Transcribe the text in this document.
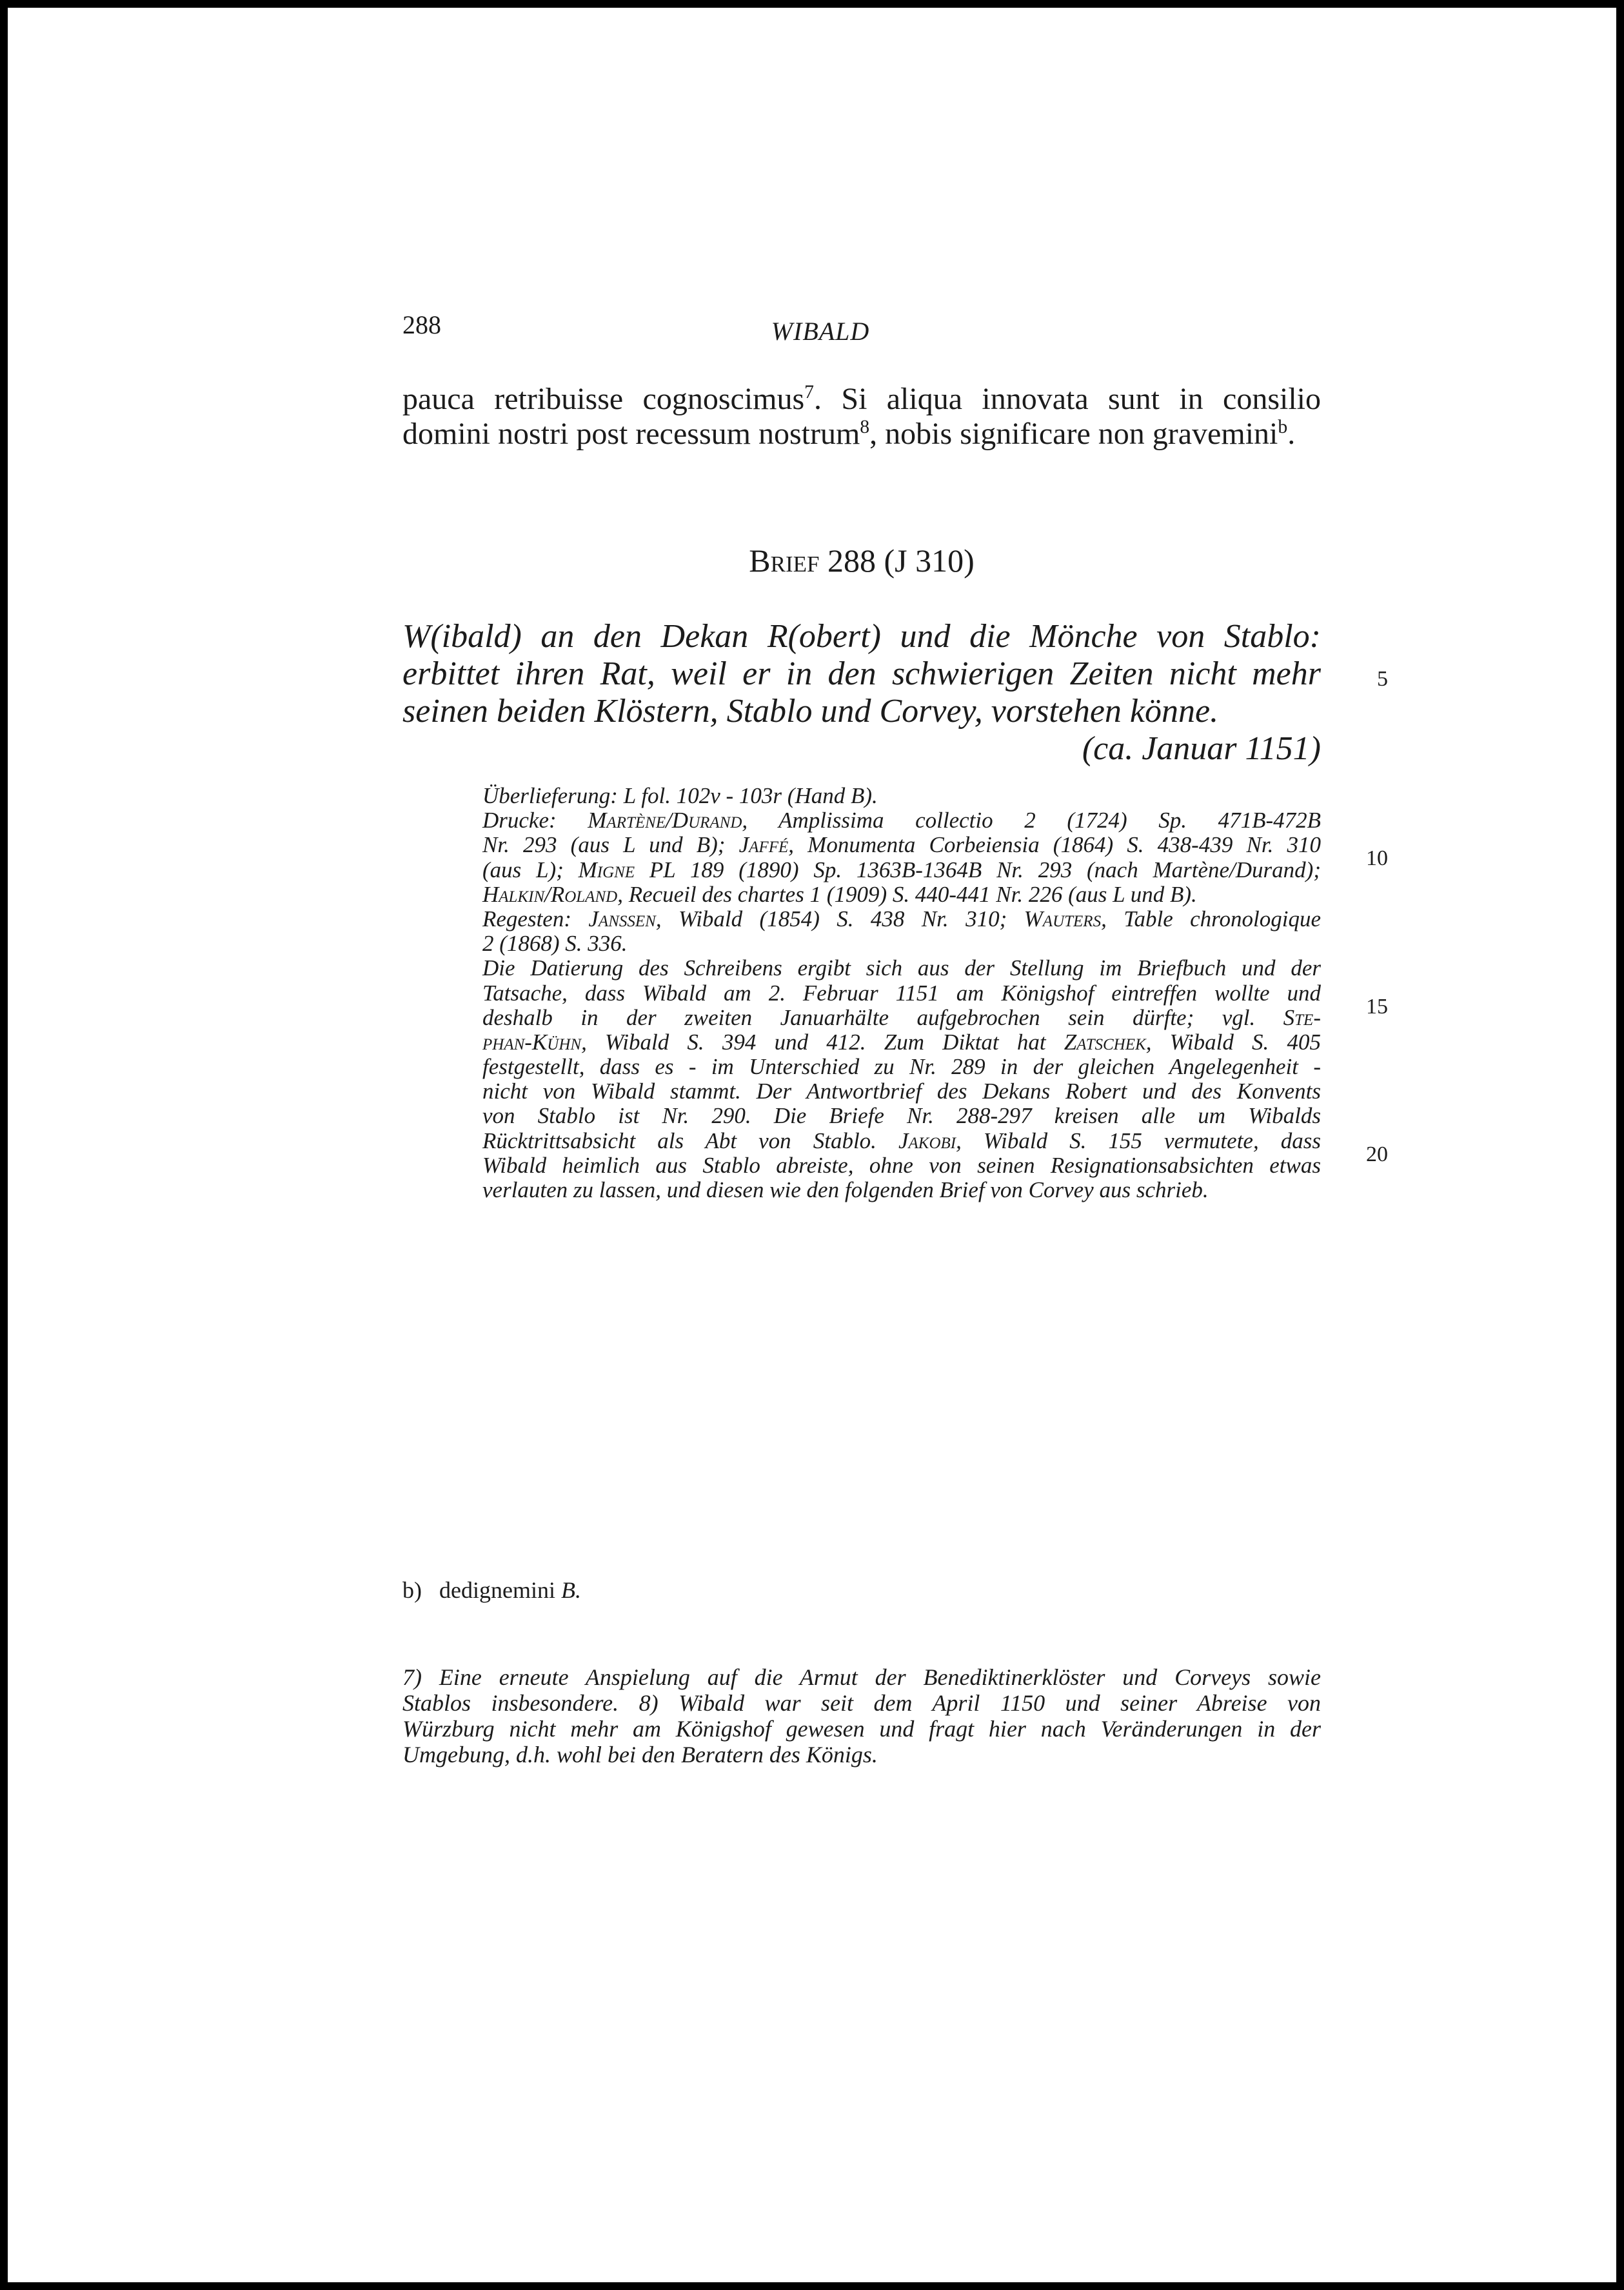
288	WIBALD
pauca retribuisse cognoscimus$^7$. Si aliqua innovata sunt in consilio
domini nostri post recessum nostrum$^8$, nobis significare non gravemini$^b$.
Brief 288 (J 310)
W(ibald) an den Dekan R(obert) und die Mönche von Stablo:
erbittet ihren Rat, weil er in den schwierigen Zeiten nicht mehr
seinen beiden Klöstern, Stablo und Corvey, vorstehen könne.
(ca. Januar 1151)
Überlieferung: L fol. 102v - 103r (Hand B).
Drucke: Martène/Durand, Amplissima collectio 2 (1724) Sp. 471B-472B
Nr. 293 (aus L und B); Jaffé, Monumenta Corbeiensia (1864) S. 438-439 Nr. 310
(aus L); Migne PL 189 (1890) Sp. 1363B-1364B Nr. 293 (nach Martène/Durand);
Halkin/Roland, Recueil des chartes 1 (1909) S. 440-441 Nr. 226 (aus L und B).
Regesten: Janssen, Wibald (1854) S. 438 Nr. 310; Wauters, Table chronologique
2 (1868) S. 336.
Die Datierung des Schreibens ergibt sich aus der Stellung im Briefbuch und der
Tatsache, dass Wibald am 2. Februar 1151 am Königshof eintreffen wollte und
deshalb in der zweiten Januarhälte aufgebrochen sein dürfte; vgl. Ste-
phan-Kühn, Wibald S. 394 und 412. Zum Diktat hat Zatschek, Wibald S. 405
festgestellt, dass es - im Unterschied zu Nr. 289 in der gleichen Angelegenheit -
nicht von Wibald stammt. Der Antwortbrief des Dekans Robert und des Konvents
von Stablo ist Nr. 290. Die Briefe Nr. 288-297 kreisen alle um Wibalds
Rücktrittsabsicht als Abt von Stablo. Jakobi, Wibald S. 155 vermutete, dass
Wibald heimlich aus Stablo abreiste, ohne von seinen Resignationsabsichten etwas
verlauten zu lassen, und diesen wie den folgenden Brief von Corvey aus schrieb.
5
10
15
20
b) dedignemini B.
7) Eine erneute Anspielung auf die Armut der Benediktinerklöster und Corveys sowie
Stablos insbesondere. 8) Wibald war seit dem April 1150 und seiner Abreise von
Würzburg nicht mehr am Königshof gewesen und fragt hier nach Veränderungen in der
Umgebung, d.h. wohl bei den Beratern des Königs.
